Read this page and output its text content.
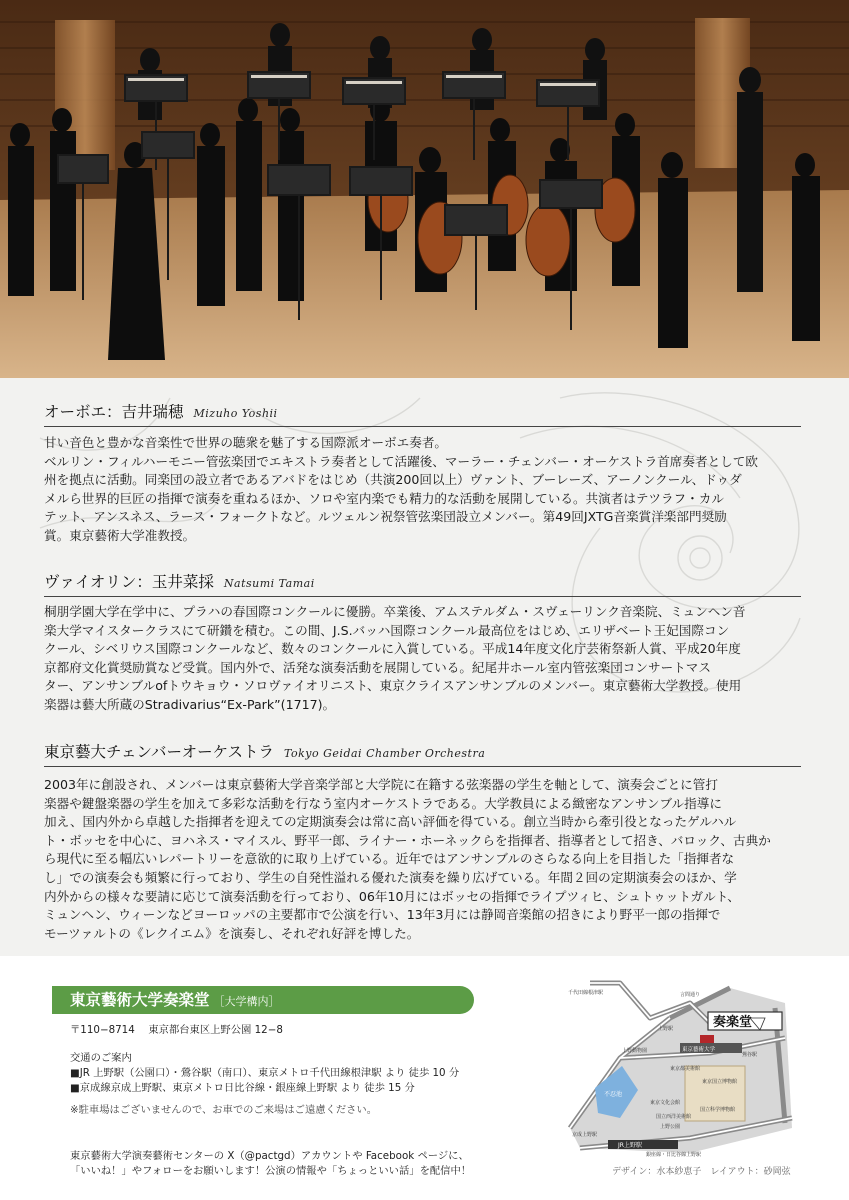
オーボエ：吉井瑞穂 Mizuho Yoshii
甘い音色と豊かな音楽性で世界の聴衆を魅了する国際派オーボエ奏者。
ベルリン・フィルハーモニー管弦楽団でエキストラ奏者として活躍後、マーラー・チェンバー・オーケストラ首席奏者として欧
州を拠点に活動。同楽団の設立者であるアバドをはじめ（共演200回以上）ヴァント、ブーレーズ、アーノンクール、ドゥダ
メルら世界的巨匠の指揮で演奏を重ねるほか、ソロや室内楽でも精力的な活動を展開している。共演者はテツラフ・カル
テット、アンスネス、ラース・フォークトなど。ルツェルン祝祭管弦楽団設立メンバー。第49回JXTG音楽賞洋楽部門奨励
賞。東京藝術大学准教授。
ヴァイオリン：玉井菜採 Natsumi Tamai
桐朋学園大学在学中に、プラハの春国際コンクールに優勝。卒業後、アムステルダム・スヴェーリンク音楽院、ミュンヘン音
楽大学マイスタークラスにて研鑽を積む。この間、J.S.バッハ国際コンクール最高位をはじめ、エリザベート王妃国際コン
クール、シベリウス国際コンクールなど、数々のコンクールに入賞している。平成14年度文化庁芸術祭新人賞、平成20年度
京都府文化賞奨励賞など受賞。国内外で、活発な演奏活動を展開している。紀尾井ホール室内管弦楽団コンサートマス
ター、アンサンブルofトウキョウ・ソロヴァイオリニスト、東京クライスアンサンブルのメンバー。東京藝術大学教授。使用
楽器は藝大所蔵のStradivarius“Ex-Park”(1717)。
東京藝大チェンバーオーケストラ Tokyo Geidai Chamber Orchestra
2003年に創設され、メンバーは東京藝術大学音楽学部と大学院に在籍する弦楽器の学生を軸として、演奏会ごとに管打
楽器や鍵盤楽器の学生を加えて多彩な活動を行なう室内オーケストラである。大学教員による緻密なアンサンブル指導に
加え、国内外から卓越した指揮者を迎えての定期演奏会は常に高い評価を得ている。創立当時から牽引役となったゲルハル
ト・ボッセを中心に、ヨハネス・マイスル、野平一郎、ライナー・ホーネックらを指揮者、指導者として招き、バロック、古典か
ら現代に至る幅広いレパートリーを意欲的に取り上げている。近年ではアンサンブルのさらなる向上を目指した「指揮者な
し」での演奏会も頻繁に行っており、学生の自発性溢れる優れた演奏を繰り広げている。年間２回の定期演奏会のほか、学
内外からの様々な要請に応じて演奏活動を行っており、06年10月にはボッセの指揮でライプツィヒ、シュトゥットガルト、
ミュンヘン、ウィーンなどヨーロッパの主要都市で公演を行い、13年3月には静岡音楽館の招きにより野平一郎の指揮で
モーツァルトの《レクイエム》を演奏し、それぞれ好評を博した。
東京藝術大学奏楽堂 ［大学構内］
〒110−8714　 東京都台東区上野公園 12−8
交通のご案内
■JR 上野駅（公園口）・鶯谷駅（南口）、東京メトロ千代田線根津駅 より 徒歩 10 分
■京成線京成上野駅、東京メトロ日比谷線・銀座線上野駅 より 徒歩 15 分
※駐車場はございませんので、お車でのご来場はご遠慮ください。
東京藝術大学演奏藝術センターの X（@pactgd）アカウントや Facebook ページに、
「いいね！」やフォローをお願いします！公演の情報や「ちょっといい話」を配信中！
不忍池
奏楽堂
東京藝術大学
千代田線根津駅	言問通り
上野駅
上野動物園
東京国立博物館
国立科学博物館
東京文化会館
国立西洋美術館
京成上野駅
鶯谷駅
東京都美術館
上野公園
銀座線・日比谷線上野駅
JR上野駅
デザイン：水本紗恵子　レイアウト：砂岡弦
